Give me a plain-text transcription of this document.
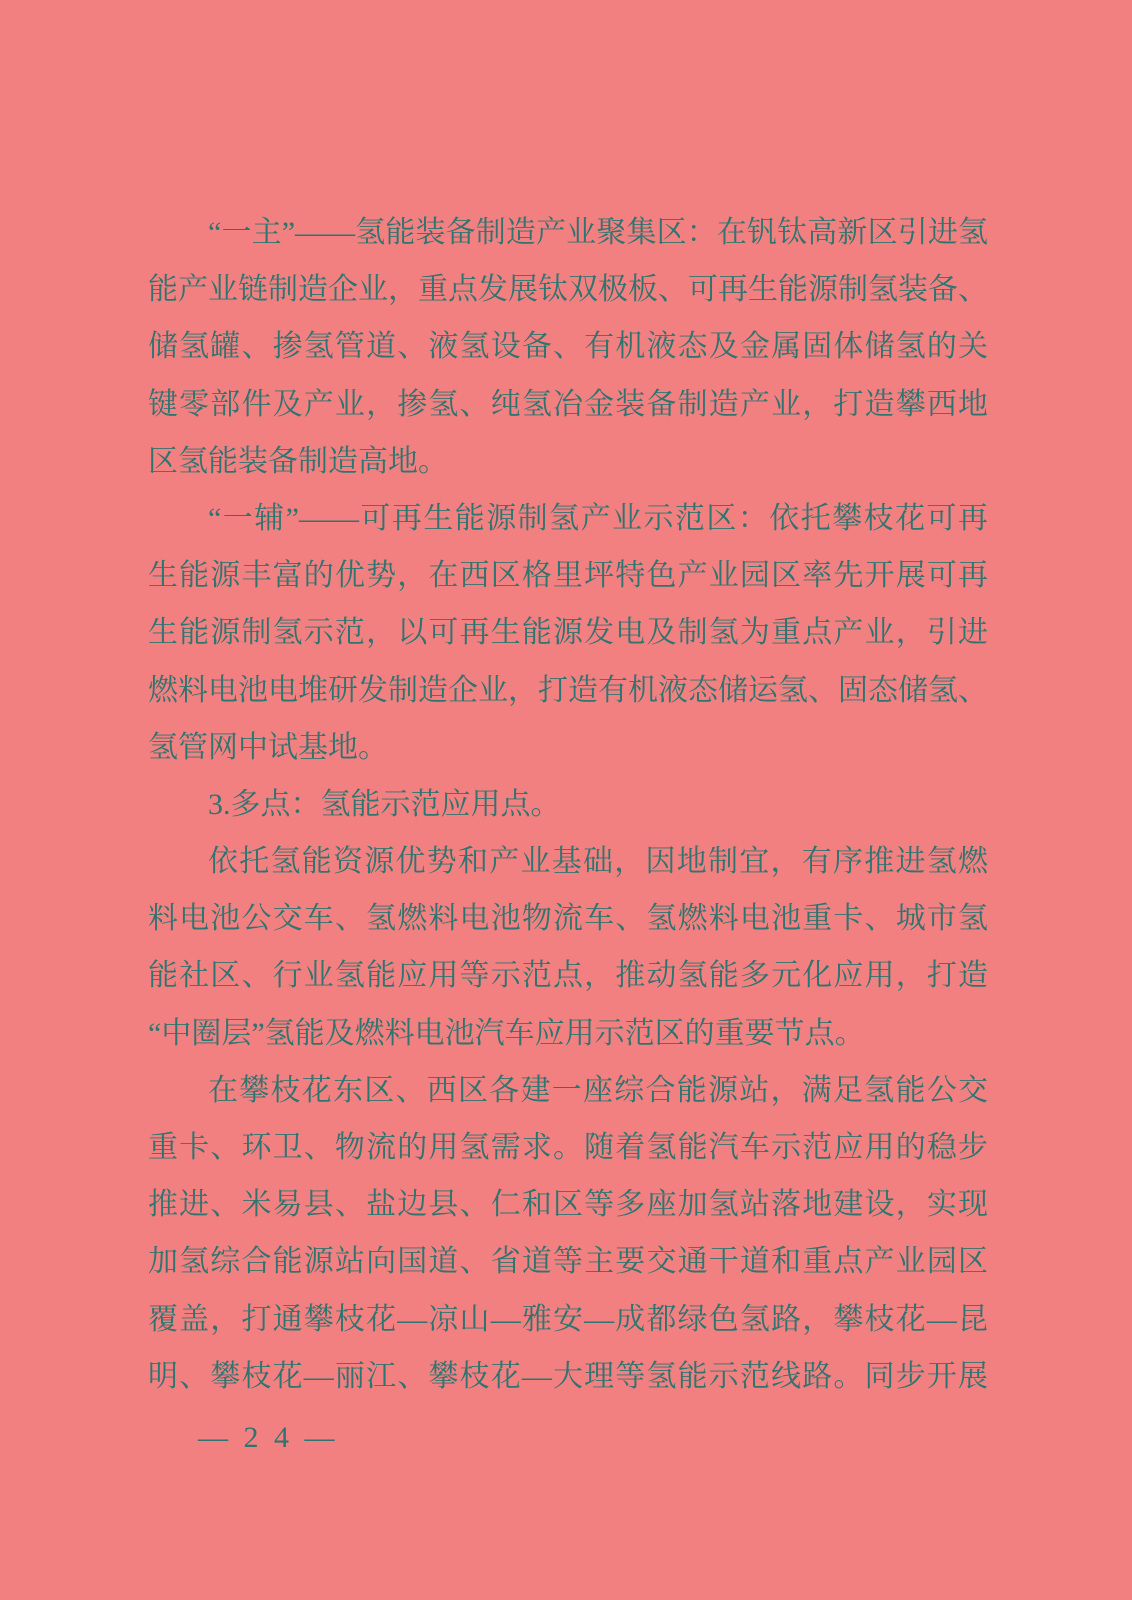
“一主”——氢能装备制造产业聚集区：在钒钛高新区引进氢
能产业链制造企业，重点发展钛双极板、可再生能源制氢装备、
储氢罐、掺氢管道、液氢设备、有机液态及金属固体储氢的关
键零部件及产业，掺氢、纯氢冶金装备制造产业，打造攀西地
区氢能装备制造高地。
“一辅”——可再生能源制氢产业示范区：依托攀枝花可再
生能源丰富的优势，在西区格里坪特色产业园区率先开展可再
生能源制氢示范，以可再生能源发电及制氢为重点产业，引进
燃料电池电堆研发制造企业，打造有机液态储运氢、固态储氢、
氢管网中试基地。
3.多点：氢能示范应用点。
依托氢能资源优势和产业基础，因地制宜，有序推进氢燃
料电池公交车、氢燃料电池物流车、氢燃料电池重卡、城市氢
能社区、行业氢能应用等示范点，推动氢能多元化应用，打造
“中圈层”氢能及燃料电池汽车应用示范区的重要节点。
在攀枝花东区、西区各建一座综合能源站，满足氢能公交
重卡、环卫、物流的用氢需求。随着氢能汽车示范应用的稳步
推进、米易县、盐边县、仁和区等多座加氢站落地建设，实现
加氢综合能源站向国道、省道等主要交通干道和重点产业园区
覆盖，打通攀枝花—凉山—雅安—成都绿色氢路，攀枝花—昆
明、攀枝花—丽江、攀枝花—大理等氢能示范线路。同步开展
— 2 4 —
